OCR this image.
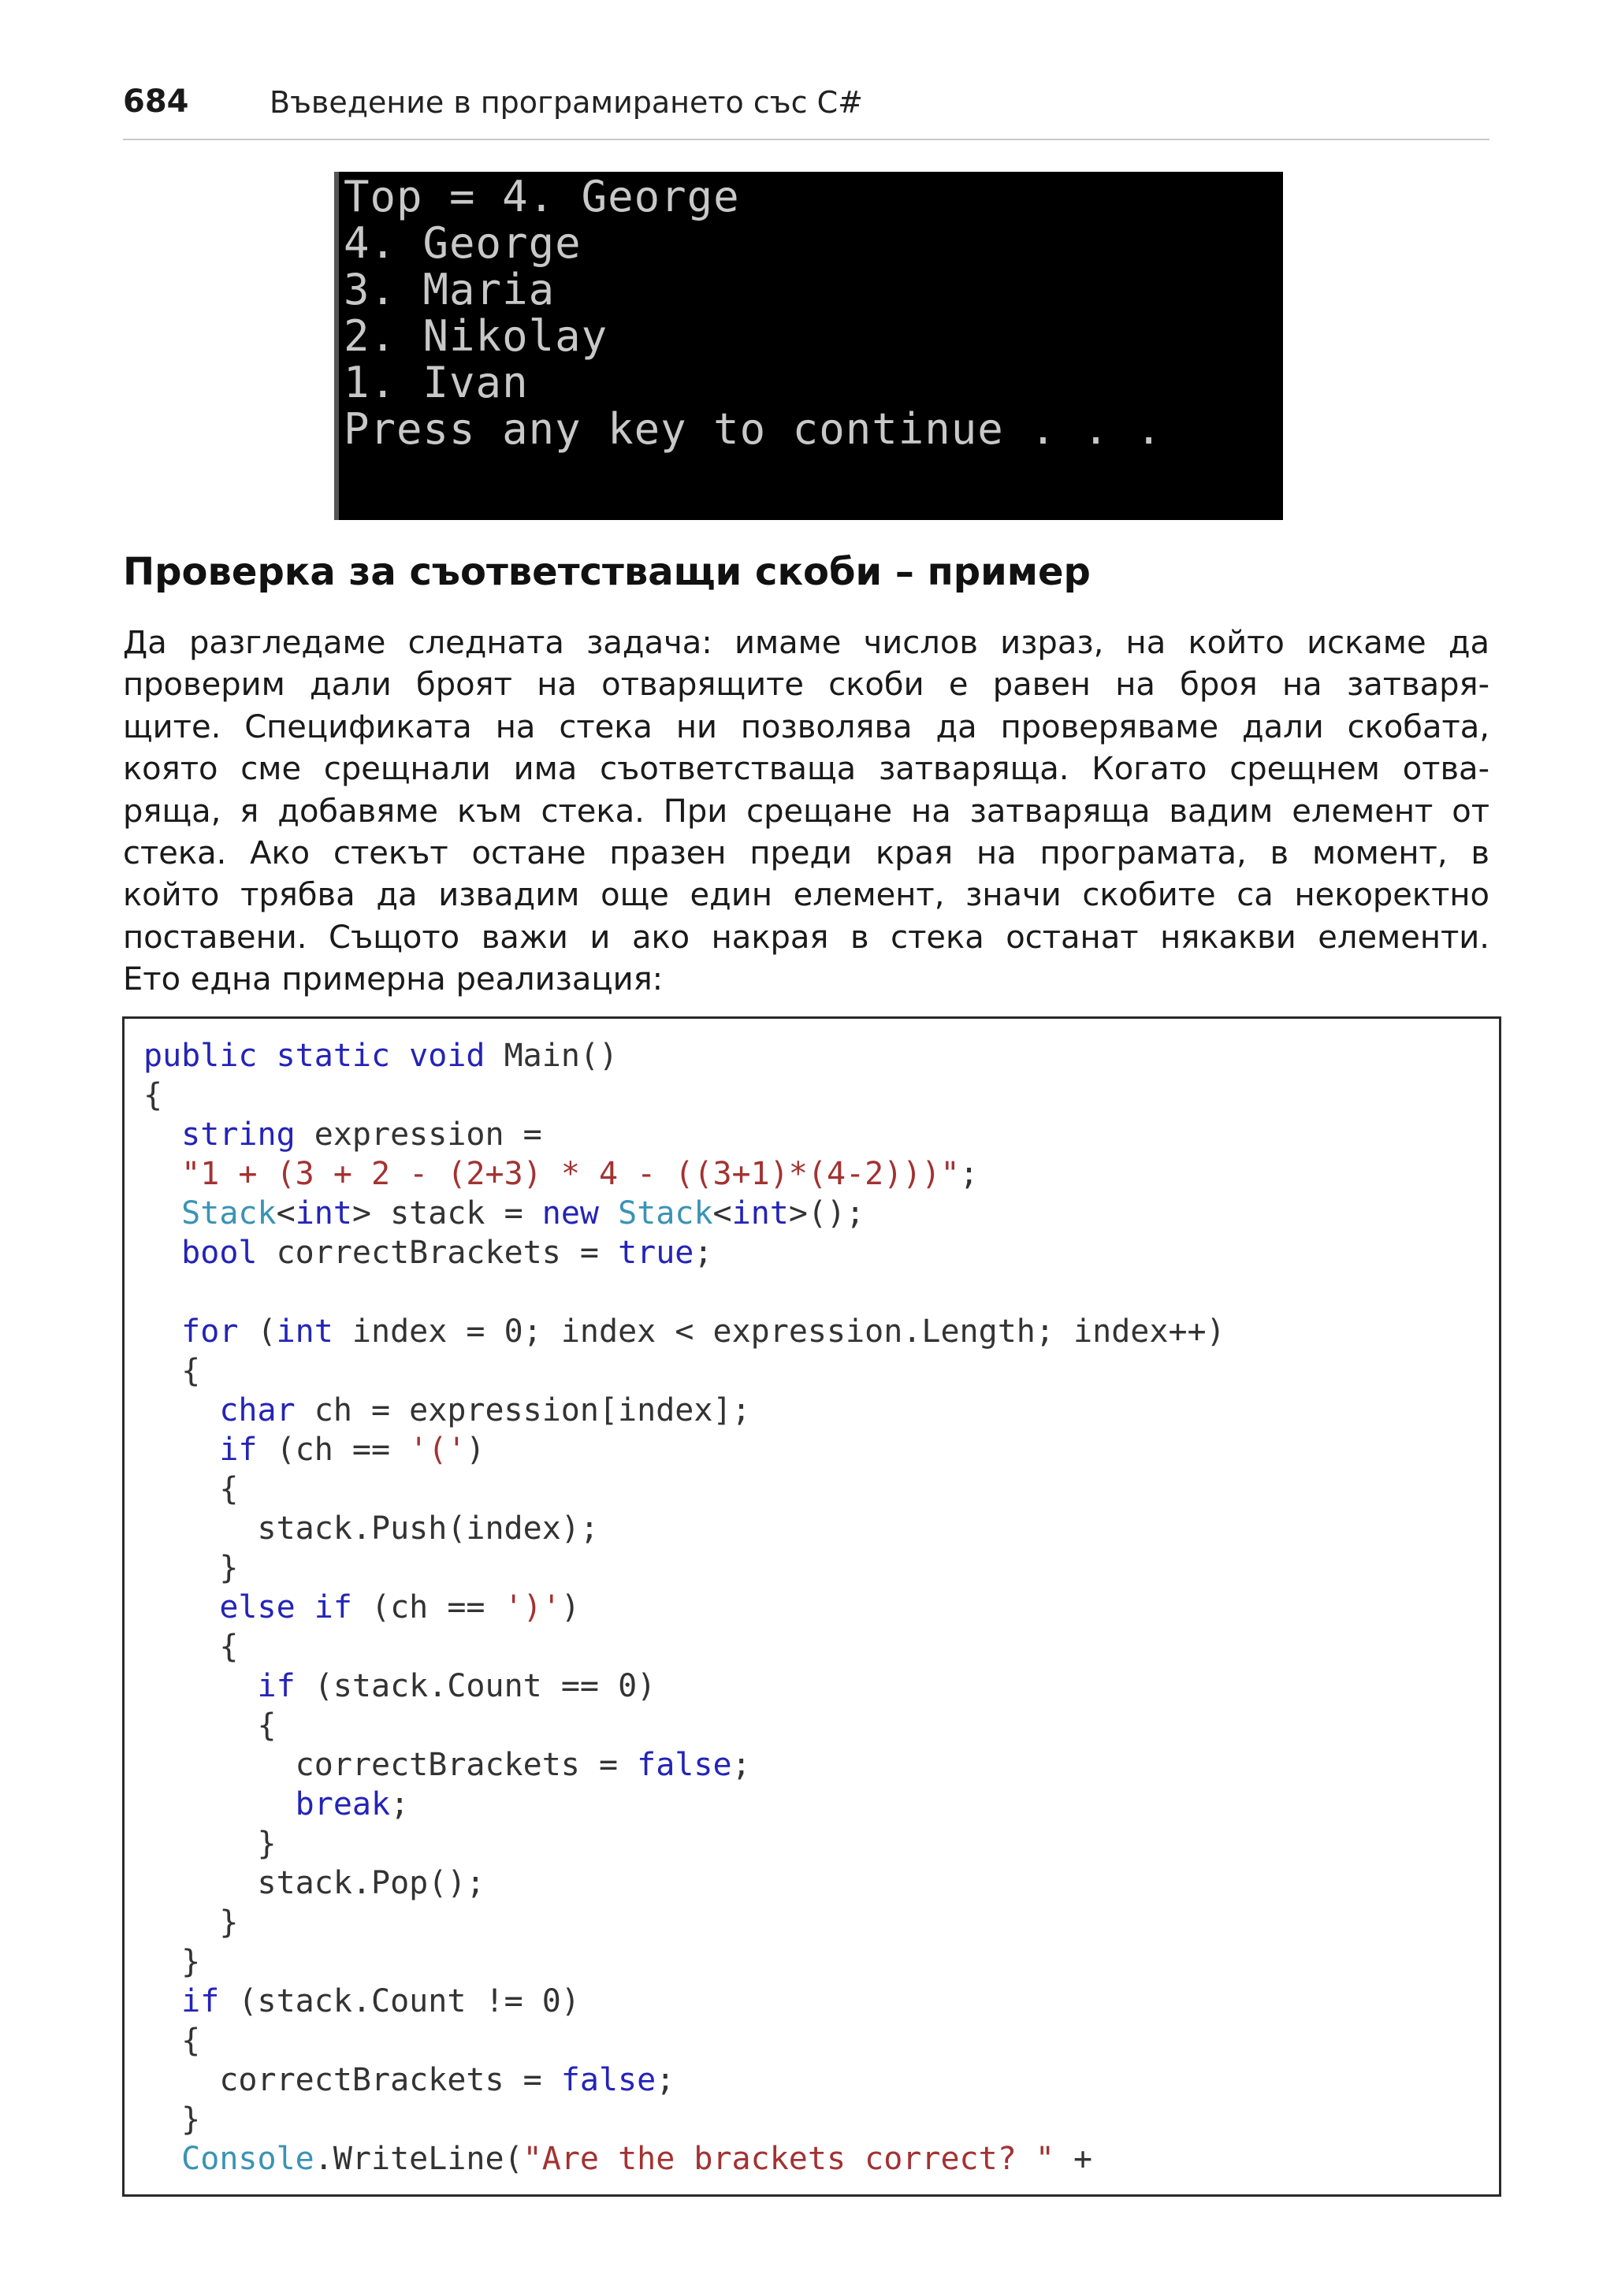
684	Въведение в програмирането със C#
Top = 4. George
4. George
3. Maria
2. Nikolay
1. Ivan
Press any key to continue . . .
Проверка за съответстващи скоби – пример
Да разгледаме следната задача: имаме числов израз, на който искаме да
проверим дали броят на отварящите скоби е равен на броя на затваря-
щите. Спецификата на стека ни позволява да проверяваме дали скобата,
която сме срещнали има съответстваща затваряща. Когато срещнем отва-
ряща, я добавяме към стека. При срещане на затваряща вадим елемент от
стека. Ако стекът остане празен преди края на програмата, в момент, в
който трябва да извадим още един елемент, значи скобите са некоректно
поставени. Същото важи и ако накрая в стека останат някакви елементи.
Ето една примерна реализация:
public static void Main()
{
string expression =
"1 + (3 + 2 - (2+3) * 4 - ((3+1)*(4-2)))";
Stack<int> stack = new Stack<int>();
bool correctBrackets = true;

for (int index = 0; index < expression.Length; index++)
{
char ch = expression[index];
if (ch == '(')
{
stack.Push(index);
}
else if (ch == ')')
{
if (stack.Count == 0)
{
correctBrackets = false;
break;
}
stack.Pop();
}
}
if (stack.Count != 0)
{
correctBrackets = false;
}
Console.WriteLine("Are the brackets correct? " +
